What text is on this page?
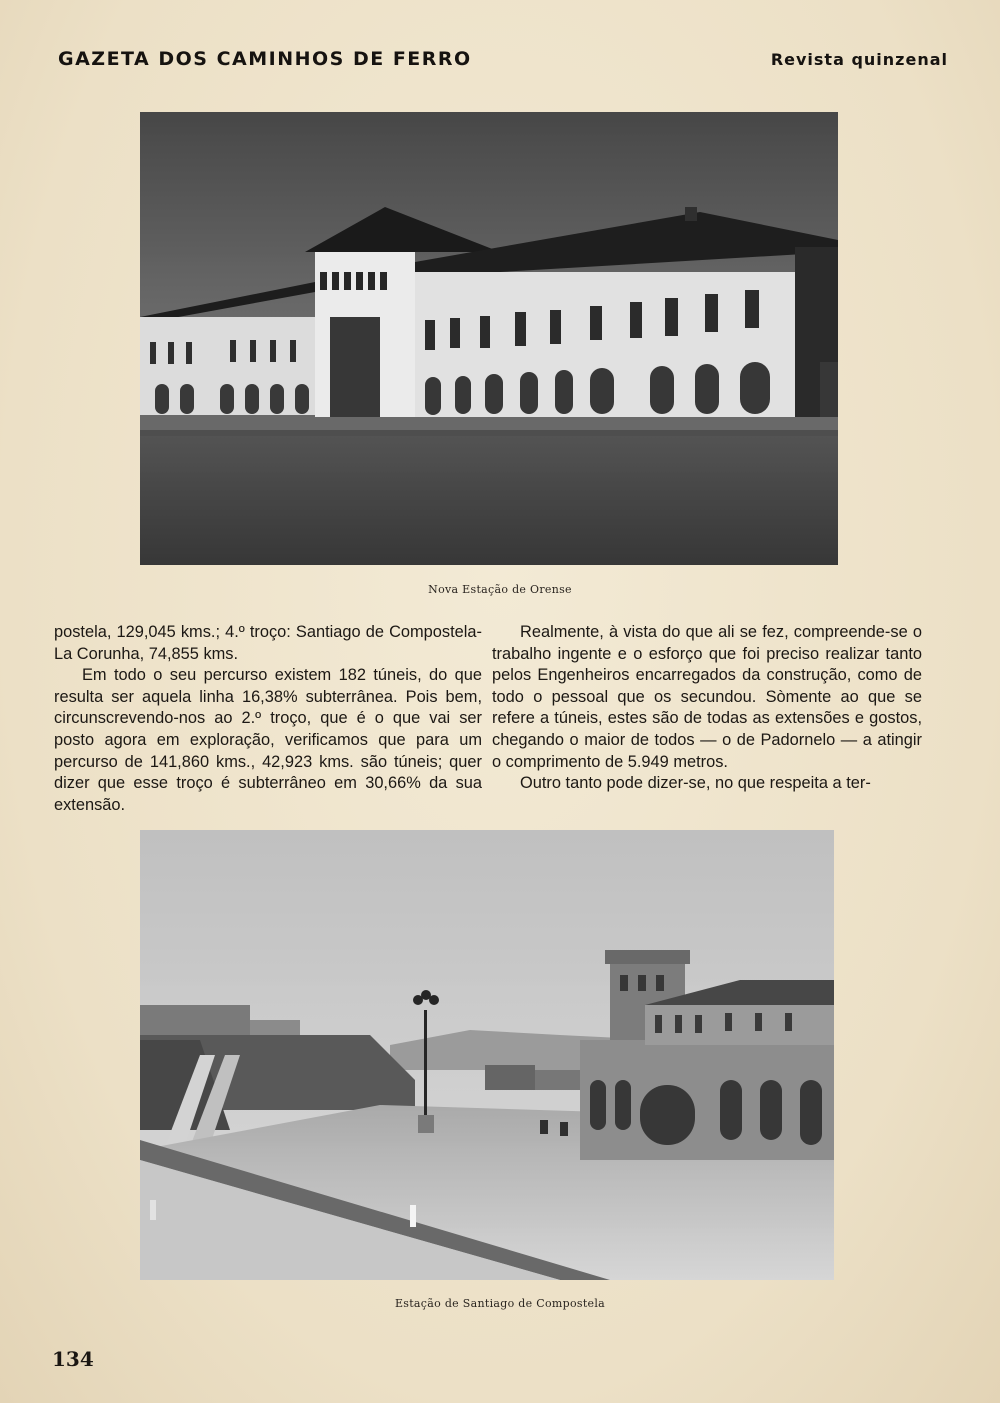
GAZETA DOS CAMINHOS DE FERRO	Revista quinzenal
Nova Estação de Orense

postela, 129,045 kms.; 4.º troço: Santiago de Compostela-La Corunha, 74,855 kms.

Em todo o seu percurso existem 182 túneis, do que resulta ser aquela linha 16,38% subterrânea. Pois bem, circunscrevendo-nos ao 2.º troço, que é o que vai ser posto agora em exploração, verificamos que para um percurso de 141,860 kms., 42,923 kms. são túneis; quer dizer que esse troço é subterrâneo em 30,66% da sua extensão.

Realmente, à vista do que ali se fez, compreende-se o trabalho ingente e o esforço que foi preciso realizar tanto pelos Engenheiros encarregados da construção, como de todo o pessoal que os secundou. Sòmente ao que se refere a túneis, estes são de todas as extensões e gostos, chegando o maior de todos — o de Padornelo — a atingir o comprimento de 5.949 metros.

Outro tanto pode dizer-se, no que respeita a ter-

Estação de Santiago de Compostela
134
